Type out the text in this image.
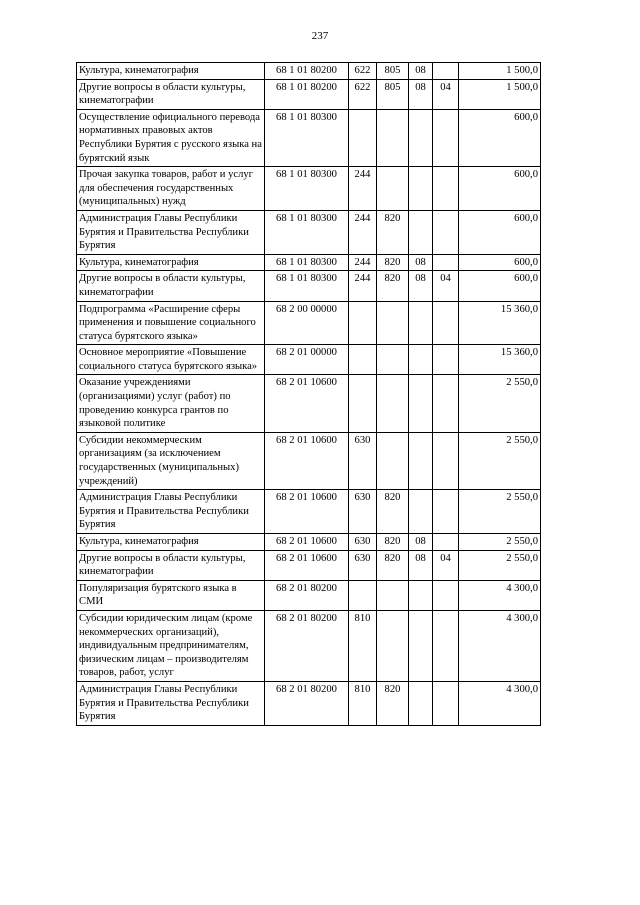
237
Культура, кинематография	68 1 01 80200	622	805	08		1 500,0
Другие вопросы в области культуры, кинематографии	68 1 01 80200	622	805	08	04	1 500,0
Осуществление официального перевода нормативных правовых актов Республики Бурятия с русского языка на бурятский язык	68 1 01 80300					600,0
Прочая закупка товаров, работ и услуг для обеспечения государственных (муниципальных) нужд	68 1 01 80300	244				600,0
Администрация Главы Республики Бурятия и Правительства Республики Бурятия	68 1 01 80300	244	820			600,0
Культура, кинематография	68 1 01 80300	244	820	08		600,0
Другие вопросы в области культуры, кинематографии	68 1 01 80300	244	820	08	04	600,0
Подпрограмма «Расширение сферы применения и повышение социального статуса бурятского языка»	68 2 00 00000					15 360,0
Основное мероприятие «Повышение социального статуса бурятского языка»	68 2 01 00000					15 360,0
Оказание учреждениями (организациями) услуг (работ) по проведению конкурса грантов по языковой политике	68 2 01 10600					2 550,0
Субсидии некоммерческим организациям (за исключением государственных (муниципальных) учреждений)	68 2 01 10600	630				2 550,0
Администрация Главы Республики Бурятия и Правительства Республики Бурятия	68 2 01 10600	630	820			2 550,0
Культура, кинематография	68 2 01 10600	630	820	08		2 550,0
Другие вопросы в области культуры, кинематографии	68 2 01 10600	630	820	08	04	2 550,0
Популяризация бурятского языка в СМИ	68 2 01 80200					4 300,0
Субсидии юридическим лицам (кроме некоммерческих организаций), индивидуальным предпринимателям, физическим лицам – производителям товаров, работ, услуг	68 2 01 80200	810				4 300,0
Администрация Главы Республики Бурятия и Правительства Республики Бурятия	68 2 01 80200	810	820			4 300,0
